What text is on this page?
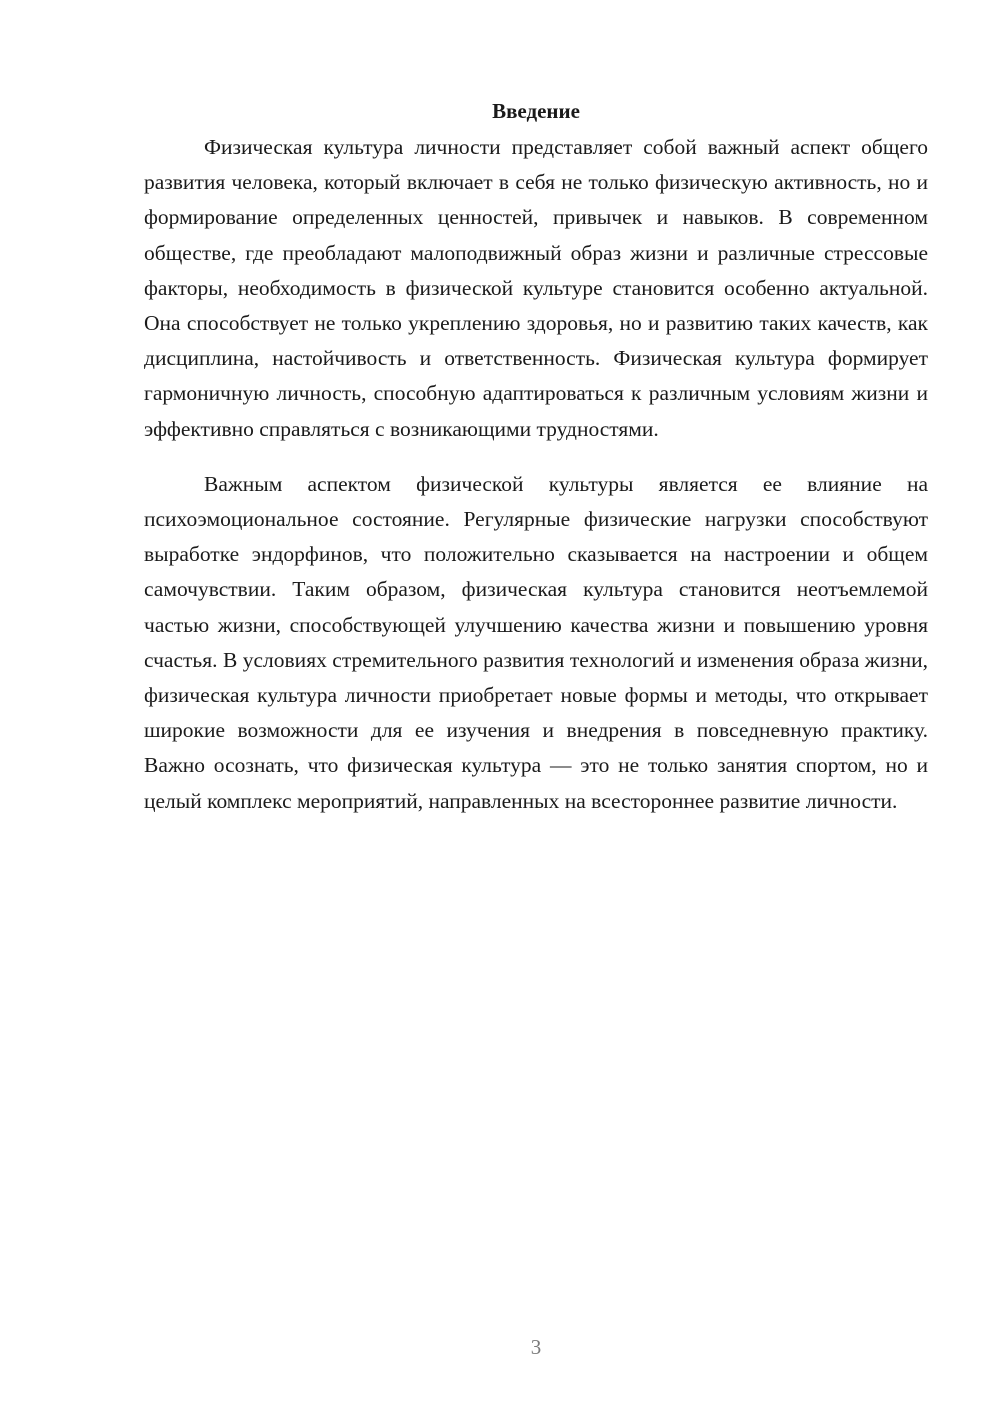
Введение

Физическая культура личности представляет собой важный аспект общего развития человека, который включает в себя не только физическую активность, но и формирование определенных ценностей, привычек и навыков. В современном обществе, где преобладают малоподвижный образ жизни и различные стрессовые факторы, необходимость в физической культуре становится особенно актуальной. Она способствует не только укреплению здоровья, но и развитию таких качеств, как дисциплина, настойчивость и ответственность. Физическая культура формирует гармоничную личность, способную адаптироваться к различным условиям жизни и эффективно справляться с возникающими трудностями.

Важным аспектом физической культуры является ее влияние на психоэмоциональное состояние. Регулярные физические нагрузки способствуют выработке эндорфинов, что положительно сказывается на настроении и общем самочувствии. Таким образом, физическая культура становится неотъемлемой частью жизни, способствующей улучшению качества жизни и повышению уровня счастья. В условиях стремительного развития технологий и изменения образа жизни, физическая культура личности приобретает новые формы и методы, что открывает широкие возможности для ее изучения и внедрения в повседневную практику. Важно осознать, что физическая культура — это не только занятия спортом, но и целый комплекс мероприятий, направленных на всестороннее развитие личности.

3
